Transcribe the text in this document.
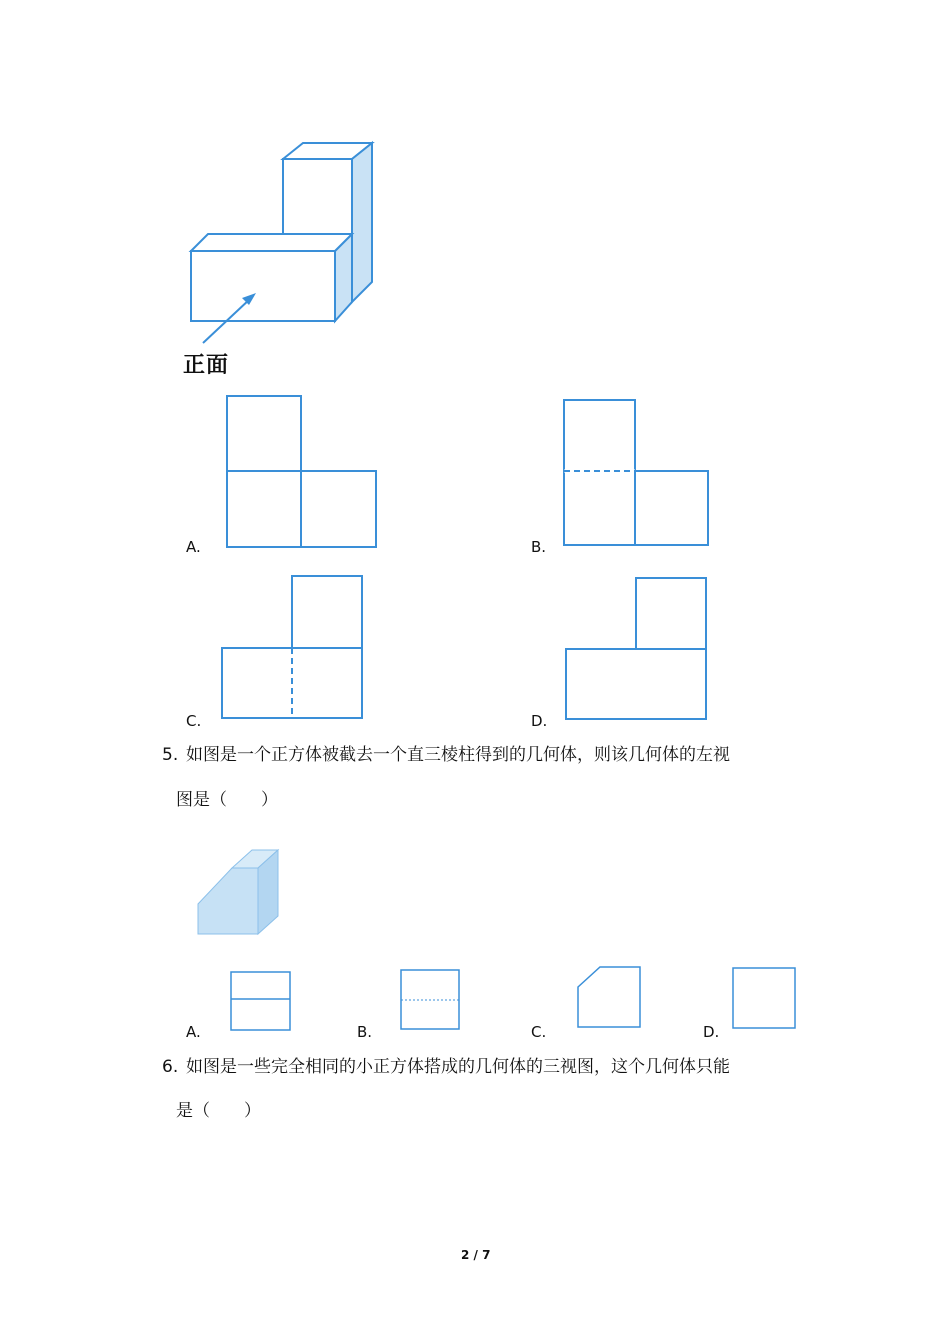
正面
A.	B.
C.	D.
5. 如图是一个正方体被截去一个直三棱柱得到的几何体，则该几何体的左视
图是（　　）
A.	B.	C.	D.
6. 如图是一些完全相同的小正方体搭成的几何体的三视图，这个几何体只能
是（　　）
2 / 7
